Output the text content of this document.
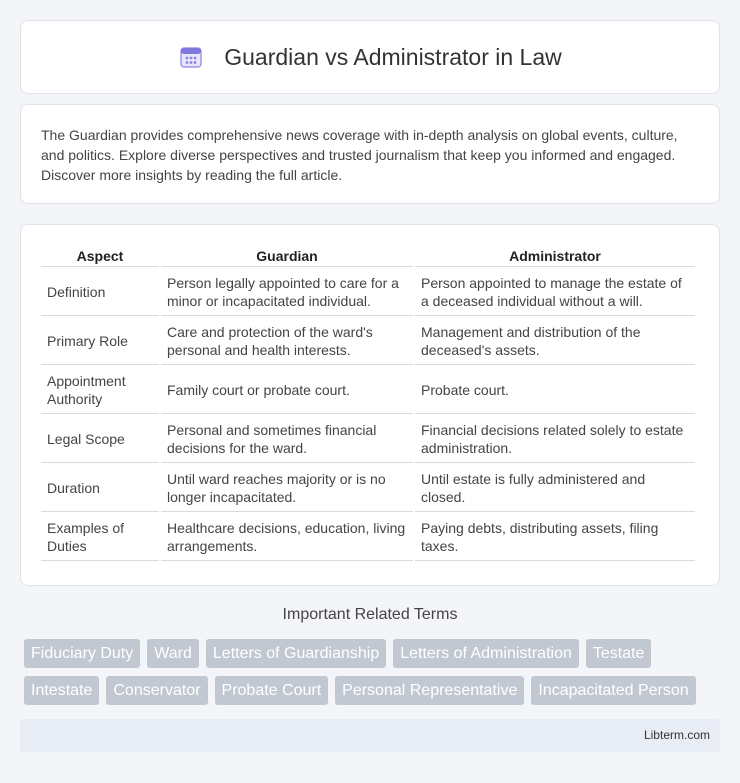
Guardian vs Administrator in Law

The Guardian provides comprehensive news coverage with in-depth analysis on global events, culture, and politics. Explore diverse perspectives and trusted journalism that keep you informed and engaged. Discover more insights by reading the full article.

Aspect	Guardian	Administrator
Definition	Person legally appointed to care for a minor or incapacitated individual.	Person appointed to manage the estate of a deceased individual without a will.
Primary Role	Care and protection of the ward's personal and health interests.	Management and distribution of the deceased's assets.
Appointment Authority	Family court or probate court.	Probate court.
Legal Scope	Personal and sometimes financial decisions for the ward.	Financial decisions related solely to estate administration.
Duration	Until ward reaches majority or is no longer incapacitated.	Until estate is fully administered and closed.
Examples of Duties	Healthcare decisions, education, living arrangements.	Paying debts, distributing assets, filing taxes.
Important Related Terms
Fiduciary Duty	Ward	Letters of Guardianship	Letters of Administration	Testate
Intestate	Conservator	Probate Court	Personal Representative	Incapacitated Person
Libterm.com
